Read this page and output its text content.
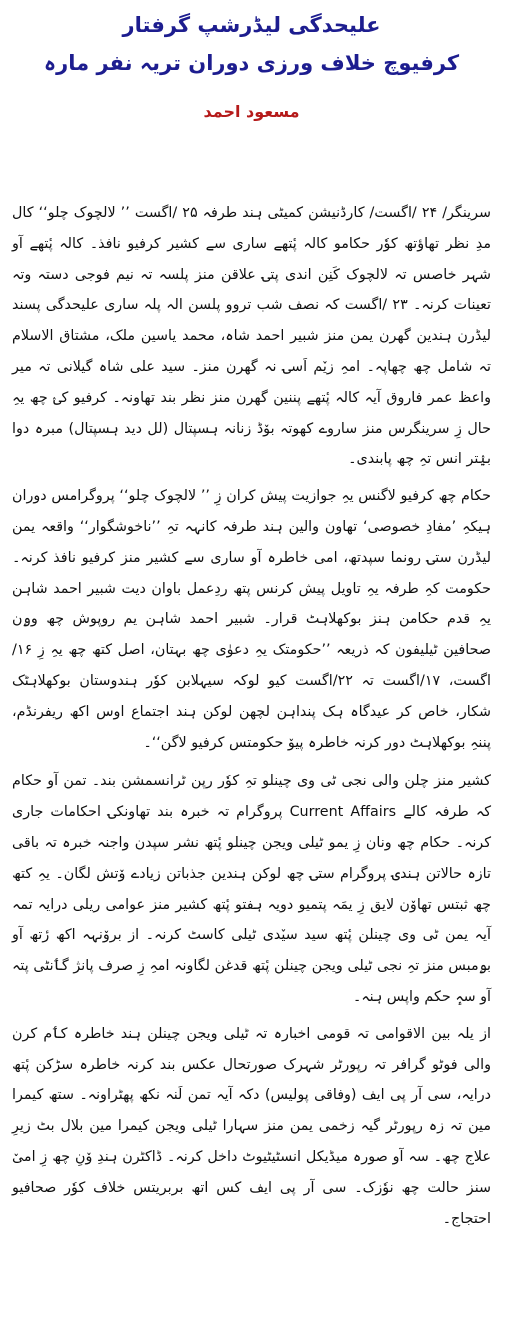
علیحدگی لیڈرشپ گرفتار
کرفیوچ خلاف ورزی دوران تریہ نفر مارہ
مسعود احمد

سرینگر/ ۲۴ /اگست/ کارڈنیشن کمیٹی ہند طرفہ ۲۵ /اگست ’’ لالچوک چلو‘‘ کال مدِ نظر تھاؤتھ کوٗر حکامو کالہ پٔتھے ساری سے کشیر کرفیو نافذ۔ کالہ پٔتھے آو شہر خاصس تہ لالچوک کَنِن اندی پتۍ علاقن منز پلسہ تہ نیم فوجی دستہ وتہ تعینات کرنہ۔ ۲۳ /اگست کہ نصف شب تروو پلسن الہ پلہ ساری علیحدگی پسند لیڈرن ہندین گھرن یمن منز شبیر احمد شاہ، محمد یاسین ملک، مشتاق الاسلام تہ شامل چھ چھاپہ۔ امہِ زیٚم اَسۍ نہ گھرن منز۔ سید علی شاہ گیلانی تہ میر واعظ عمر فاروق آیہ کالہ پٔتھے پننین گھرن منز نظر بند تھاونہ۔ کرفیو کیٛ چھ یہِ حال زِ سرینگرس منز ساروے کھوتہ بوٚڈ زنانہ ہسپتال (لل دید ہسپتال) مبرہ دوا بیٛتر انس تہِ چھ پابندی۔

حکام چھ کرفیو لاگنس یہِ جوازیت پیش کران زِ ’’ لالچوک چلو‘‘ پروگرامس دوران ہیکہِ ’مفادِ خصوصی‘ تھاون والین ہند طرفہ کانہہ تہِ ’’ناخوشگوار‘‘ واقعہ یمن لیڈرن ستۍ رونما سپدتھ، امی خاطرہ آو ساری سے کشیر منز کرفیو نافذ کرنہ۔ حکومت کہِ طرفہ یہِ تاویل پیش کرنس پتھ ردِعمل باوان دیت شبیر احمد شاہن یہِ قدم حکامن ہنز بوکھلاہٹ قرار۔ شبیر احمد شاہن یم روپوش چھ وۄن صحافین ٹیلیفون کہ ذریعہ ’’حکومتک یہِ دعوٰی چھ بہتان، اصل کتھ چھ یہِ زِ ۱۶/اگست، ۱۷/اگست تہ ۲۲/اگست کیو لوکہ سیہلابن کوٗر ہندوستان بوکھلاہٹک شکار، خاص کر عیدگاہ ہک پنداہن لچھن لوکن ہند اجتماع اوس اکھ ریفرنڈم، پننہِ بوکھلاہٹ دور کرنہ خاطرہ پیوٚ حکومتس کرفیو لاگن‘‘۔

کشیر منز چلن والی نجی ٹی وی چینلو تہِ کوٗر رپن ٹرانسمشن بند۔ تمن آو حکام کہ طرفہ کالے Current Affairs پروگرام تہ خبرہ بند تھاونکۍ احکامات جاری کرنہ۔ حکام چھ ونان زِ یمو ٹیلی ویجن چینلو پٔتھ نشر سپدن واجنہ خبرہ تہ باقی تازہ حالاتن ہندۍ پروگرام ستۍ چھ لوکن ہندین جذباتن زیادے وٚتش لگان۔ یہِ کتھ چھ ثبتس تھاوٚن لایق زِ یمَہ پتمیو دویہ ہفتو پٔتھ کشیر منز عوامی ریلی درایہ تمہ آیہ یمن ٹی وی چینلن پٔتھ سید سیٚدی ٹیلی کاسٹ کرنہ۔ از بروٚنہہ اکھ رٔتھ آو بۄمبس منز تہِ نجی ٹیلی ویجن چینلن پٔتھ قدغن لگاونہ امہِ زِ صرف پانژ گٲنٹی پتہ آو سہٕ حکم واپس ہنہ۔

از یلہ بین الاقوامی تہ قومی اخبارہ تہ ٹیلی ویجن چینلن ہند خاطرہ کٲم کرن والی فوٹو گرافر تہ رپورٹر شہرک صورتحال عکس بند کرنہ خاطرہ سڑکن پٔتھ درایہ، سی آر پی ایف (وفاقی پولیس) دکہ آیہ تمن لَنہ نکھ پھٹراونہ۔ ستھ کیمرا مین تہ زہ رپورٹر گیہ زخمی یمن منز سہارا ٹیلی ویجن کیمرا مین بلال بٹ زیرِ علاج چھ۔ سہ آو صورہ میڈیکل انسٹیٹیوٹ داخل کرنہ۔ ڈاکٹرن ہندِ وٚنِ چھ زِ امیٚ سنز حالت چھ نوٗزک۔ سی آر پی ایف کس اتھ بربریتس خلاف کوٗر صحافیو احتجاج۔
